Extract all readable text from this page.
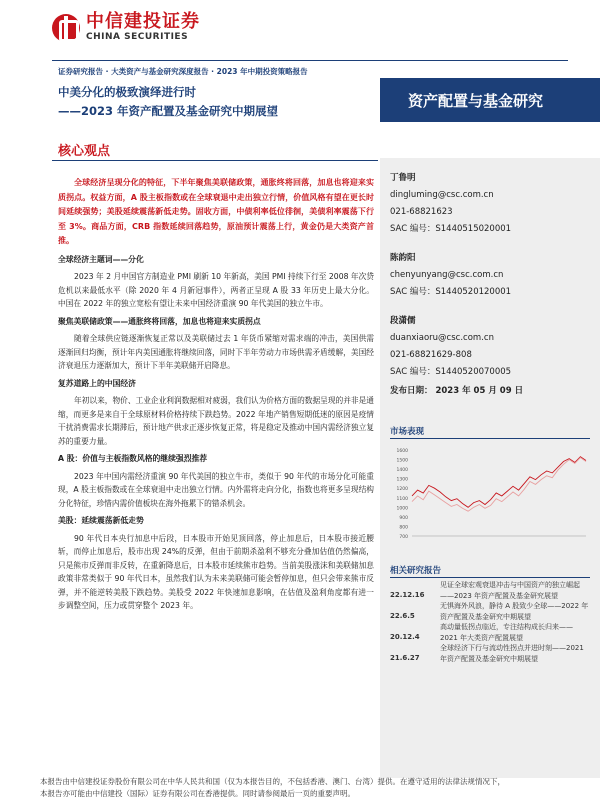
中信建投证券
CHINA SECURITIES
证券研究报告 · 大类资产与基金研究深度报告 · 2023 年中期投资策略报告
中美分化的极致演绎进行时
——2023 年资产配置及基金研究中期展望
资产配置与基金研究
核心观点
丁鲁明
dingluming@csc.com.cn
021-68821623
SAC 编号：S1440515020001
陈韵阳
chenyunyang@csc.com.cn
SAC 编号：S1440520120001
段潇儒
duanxiaoru@csc.com.cn
021-68821629-808
SAC 编号：S1440520070005
发布日期： 2023 年 05 月 09 日
市场表现
1600
1500
1400
1300
1200
1100
1000
900
800
700
相关研究报告
22.12.16
见证全球宏观衰退冲击与中国资产的独立崛起——2023 年资产配置及基金研究展望
22.6.5
无惧海外风浪，静待 A 股致少全球——2022 年资产配置及基金研究中期展望
20.12.4
高动量低拐点临近，专注结构成长归来——2021 年大类资产配置展望
21.6.27
全球经济下行与流动性拐点并进时刻——2021 年资产配置及基金研究中期展望
全球经济呈现分化的特征，下半年聚焦美联储政策，通胀终将回落，加息也将迎来实质拐点。权益方面，A 股主板指数或在全球衰退中走出独立行情，价值风格有望在更长时间延续强势；美股延续震荡新低走势。固收方面，中债利率低位徘徊，美债利率震荡下行至 3%。商品方面，CRB 指数延续回落趋势，原油预计震荡上行，黄金仍是大类资产首推。
全球经济主题词——分化
2023 年 2 月中国官方制造业 PMI 刷新 10 年新高，美国 PMI 持续下行至 2008 年次贷危机以来最低水平（除 2020 年 4 月新冠事件），两者正呈现 A 股 33 年历史上最大分化。中国在 2022 年的独立宽松有望让未来中国经济重演 90 年代美国的独立牛市。
聚焦美联储政策——通胀终将回落，加息也将迎来实质拐点
随着全球供应链逐渐恢复正常以及美联储过去 1 年货币紧缩对需求端的冲击，美国供需逐渐回归均衡，预计年内美国通胀将继续回落，同时下半年劳动力市场供需矛盾缓解，美国经济衰退压力逐渐加大，预计下半年美联储开启降息。
复苏道路上的中国经济
年初以来，物价、工业企业利润数据相对疲弱，我们认为价格方面的数据呈现的并非是通缩，而更多是来自于全球原材料价格持续下跌趋势。2022 年地产销售短期低迷的原因是疫情干扰消费需求长期滞后，预计地产供求正逐步恢复正常，将是稳定及推动中国内需经济独立复苏的重要力量。
A 股：价值与主板指数风格的继续强烈推荐
2023 年中国内需经济重演 90 年代美国的独立牛市，类似于 90 年代的市场分化可能重现，A 股主板指数或在全球衰退中走出独立行情。内外需将走向分化，指数也将更多呈现结构分化特征，珍惜内需价值板块在海外拖累下的错杀机会。
美股：延续震荡新低走势
90 年代日本央行加息中后段，日本股市开始见顶回落，停止加息后，日本股市接近腰斩，而停止加息后，股市出现 24%的反弹，但由于前期杀盈利不够充分叠加估值仍然偏高，只是熊市反弹而非反转，在重新降息后，日本股市延续熊市趋势。当前美股涨沫和美联储加息政策非常类似于 90 年代日本，虽然我们认为未来美联储可能会暂停加息，但只会带来熊市反弹，并不能逆转美股下跌趋势。美股受 2022 年快速加息影响，在估值及盈利角度都有进一步调整空间，压力或贯穿整个 2023 年。
本报告由中信建投证券股份有限公司在中华人民共和国（仅为本报告目的，不包括香港、澳门、台湾）提供。在遵守适用的法律法规情况下，
本报告亦可能由中信建投（国际）证券有限公司在香港提供。同时请参阅最后一页的重要声明。
